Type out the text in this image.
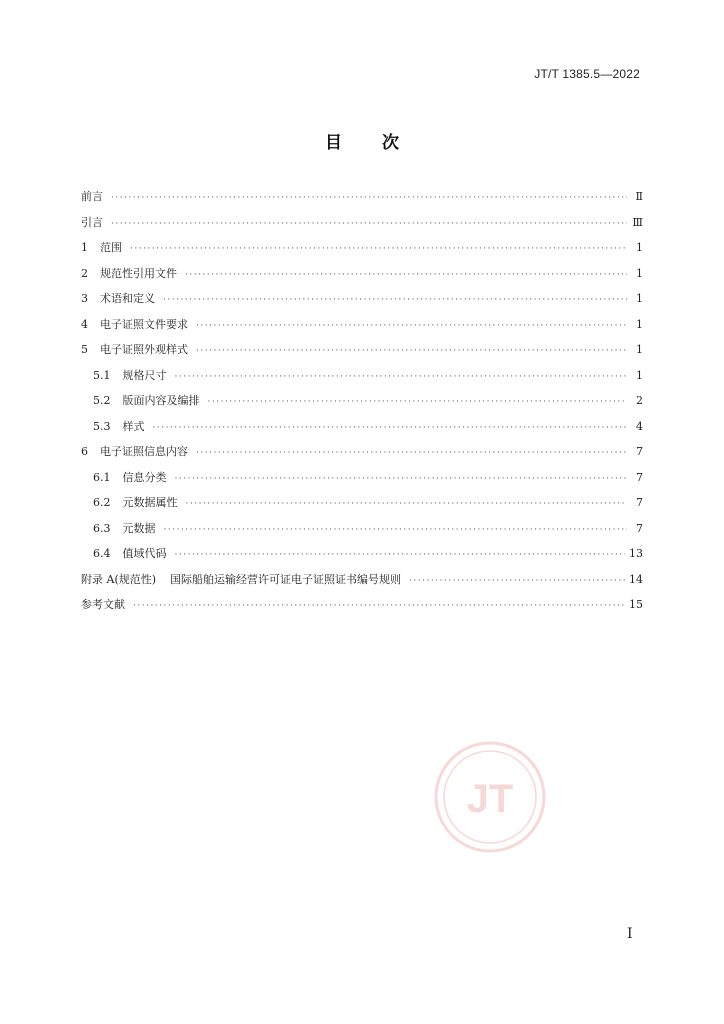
JT/T 1385.5—2022
目 次
前言 ·····	Ⅱ
引言 ·····	Ⅲ
1 范围 ·····	1
2 规范性引用文件 ·····	1
3 术语和定义 ·····	1
4 电子证照文件要求 ·····	1
5 电子证照外观样式 ·····	1
5.1 规格尺寸 ·····	1
5.2 版面内容及编排 ·····	2
5.3 样式 ·····	4
6 电子证照信息内容 ·····	7
6.1 信息分类 ·····	7
6.2 元数据属性 ·····	7
6.3 元数据 ·····	7
6.4 值域代码 ·····	13
附录 A(规范性) 国际船舶运输经营许可证电子证照证书编号规则 ·····	14
参考文献 ·····	15
JT
Ⅰ
